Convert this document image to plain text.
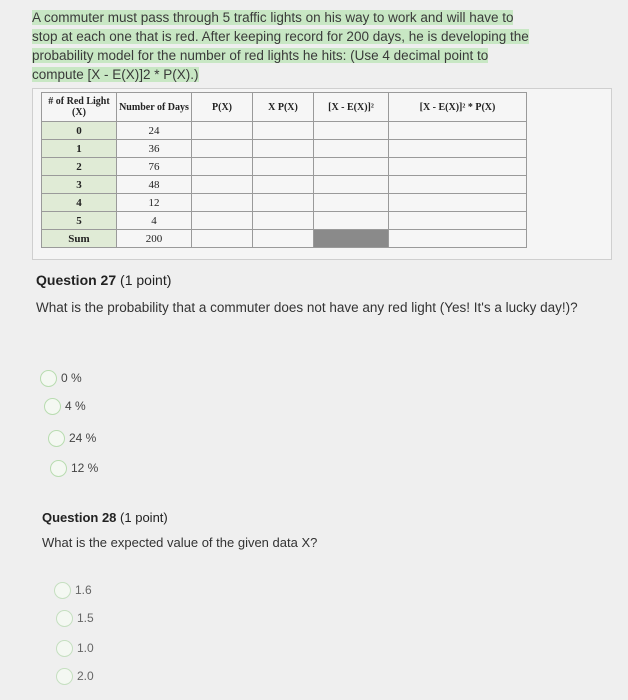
A commuter must pass through 5 traffic lights on his way to work and will have to
stop at each one that is red. After keeping record for 200 days, he is developing the
probability model for the number of red lights he hits: (Use 4 decimal point to
compute [X - E(X)]2 * P(X).)
# of Red Light (X)	Number of Days	P(X)	X P(X)	[X - E(X)]²	[X - E(X)]² * P(X)
0	24				
1	36				
2	76				
3	48				
4	12				
5	4				
Sum	200				
Question 27 (1 point)
What is the probability that a commuter does not have any red light (Yes! It's a lucky day!)?
0 %
4 %
24 %
12 %
Question 28 (1 point)
What is the expected value of the given data X?
1.6
1.5
1.0
2.0
